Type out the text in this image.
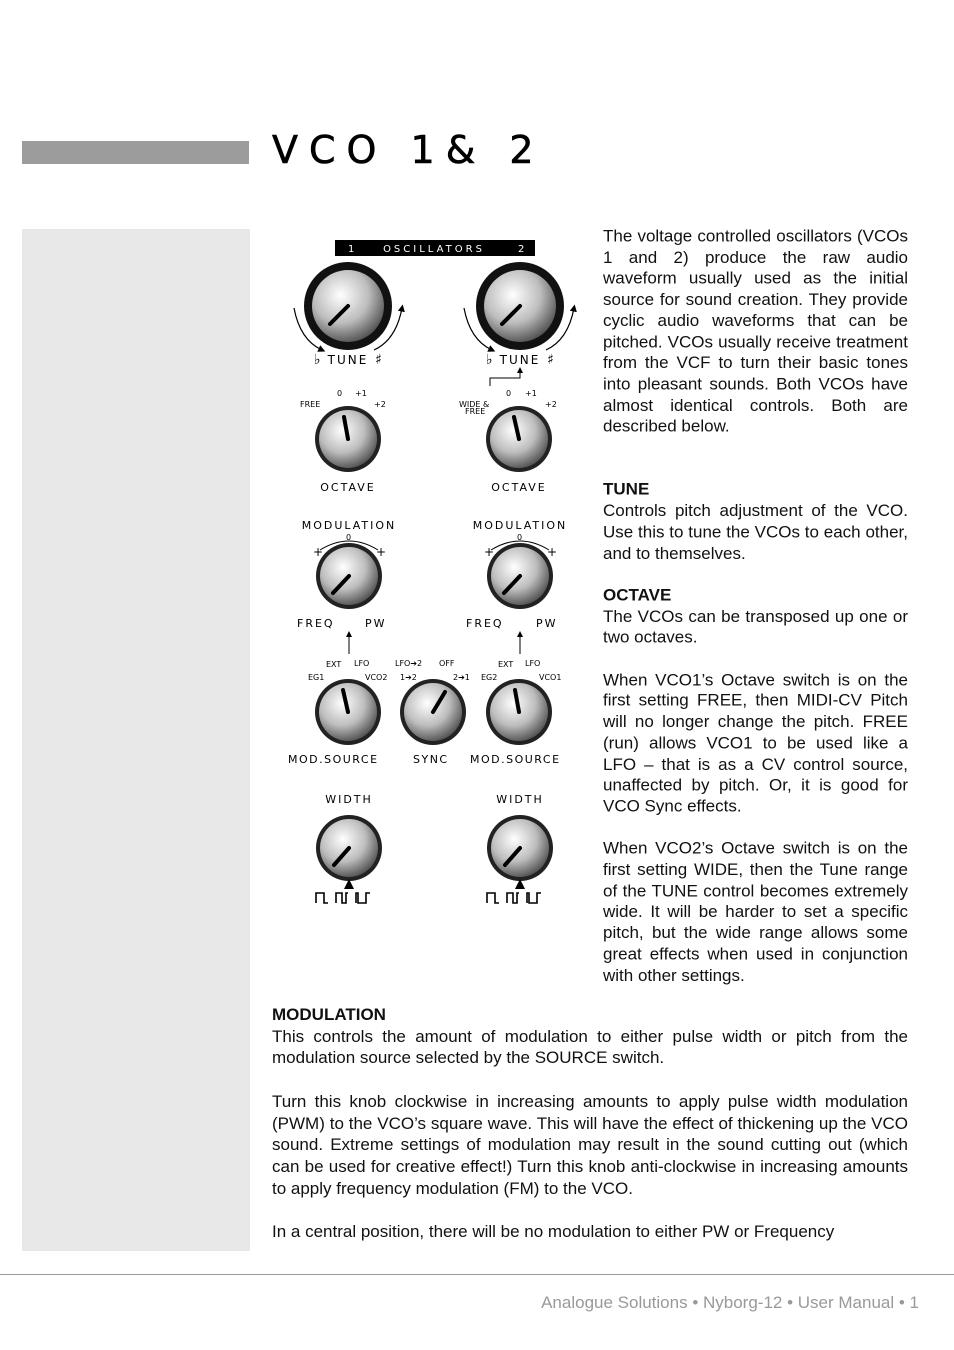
VCO 1& 2
1	OSCILLATORS	2
♭ TUNE ♯	♭ TUNE ♯
0 +1
FREE	+2
OCTAVE
0 +1
WIDE &
FREE
+2
OCTAVE
MODULATION
0
+	+
FREQ	PW
MODULATION
0
+	+
FREQ	PW
EXT LFO
EG1	VCO2
MOD.SOURCE
LFO➔2 OFF
1➔2	2➔1
SYNC
EXT LFO
EG2	VCO1
MOD.SOURCE
WIDTH	WIDTH

The voltage controlled oscillators (VCOs 1 and 2) produce the raw audio waveform usually used as the initial source for sound creation. They provide cyclic audio waveforms that can be pitched. VCOs usually receive treatment from the VCF to turn their basic tones into pleasant sounds. Both VCOs have almost identical controls. Both are described below.

TUNE

Controls pitch adjustment of the VCO. Use this to tune the VCOs to each other, and to themselves.

OCTAVE

The VCOs can be transposed up one or two octaves.

When VCO1’s Octave switch is on the first setting FREE, then MIDI-CV Pitch will no longer change the pitch. FREE (run) allows VCO1 to be used like a LFO – that is as a CV control source, unaffected by pitch. Or, it is good for VCO Sync effects.

When VCO2’s Octave switch is on the first setting WIDE, then the Tune range of the TUNE control becomes extremely wide. It will be harder to set a specific pitch, but the wide range allows some great effects when used in conjunction with other settings.

MODULATION

This controls the amount of modulation to either pulse width or pitch from the modulation source selected by the SOURCE switch.

Turn this knob clockwise in increasing amounts to apply pulse width modulation (PWM) to the VCO’s square wave. This will have the effect of thickening up the VCO sound. Extreme settings of modulation may result in the sound cutting out (which can be used for creative effect!) Turn this knob anti-clockwise in increasing amounts to apply frequency modulation (FM) to the VCO.

In a central position, there will be no modulation to either PW or Frequency

Analogue Solutions • Nyborg-12 • User Manual • 1
